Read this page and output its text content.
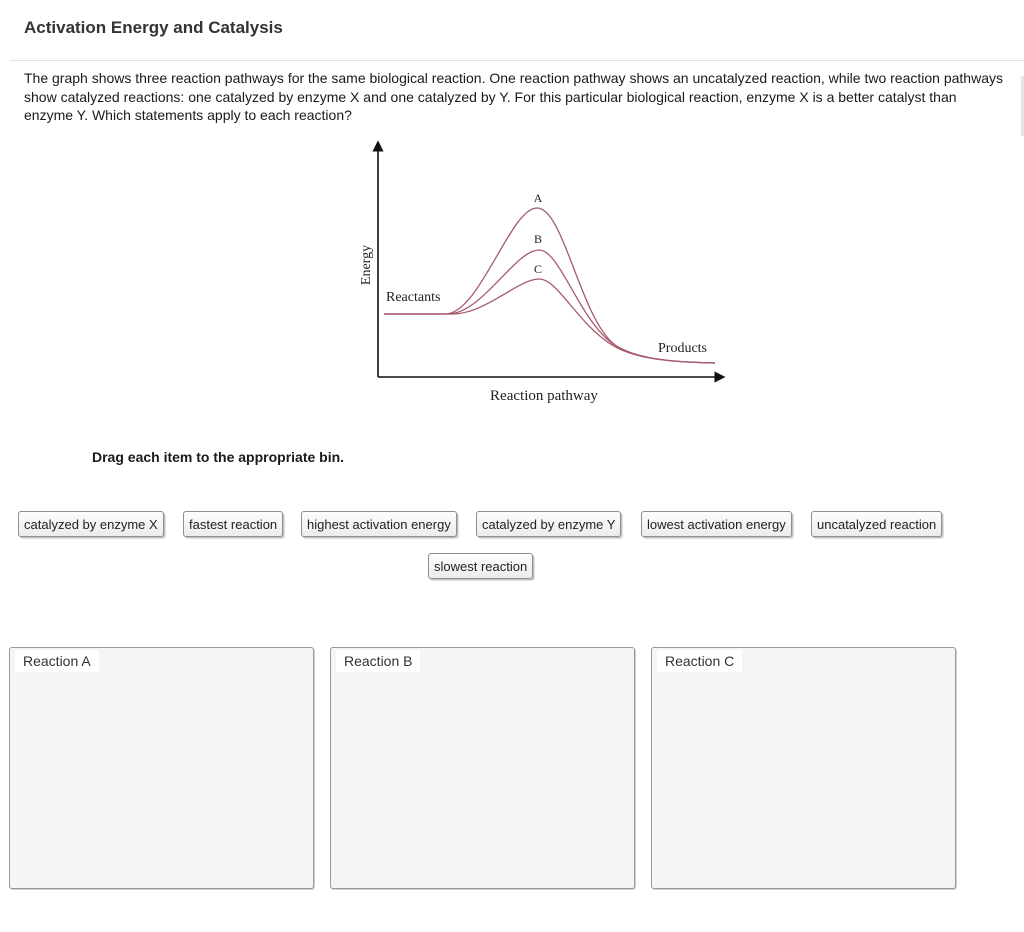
Activation Energy and Catalysis
The graph shows three reaction pathways for the same biological reaction. One reaction pathway shows an uncatalyzed reaction, while two reaction pathways show catalyzed reactions: one catalyzed by enzyme X and one catalyzed by Y. For this particular biological reaction, enzyme X is a better catalyst than enzyme Y. Which statements apply to each reaction?
A
B
C
Reactants
Products
Reaction pathway
Energy
Drag each item to the appropriate bin.
catalyzed by enzyme X	fastest reaction	highest activation energy	catalyzed by enzyme Y	lowest activation energy	uncatalyzed reaction
slowest reaction
Reaction A	Reaction B	Reaction C
